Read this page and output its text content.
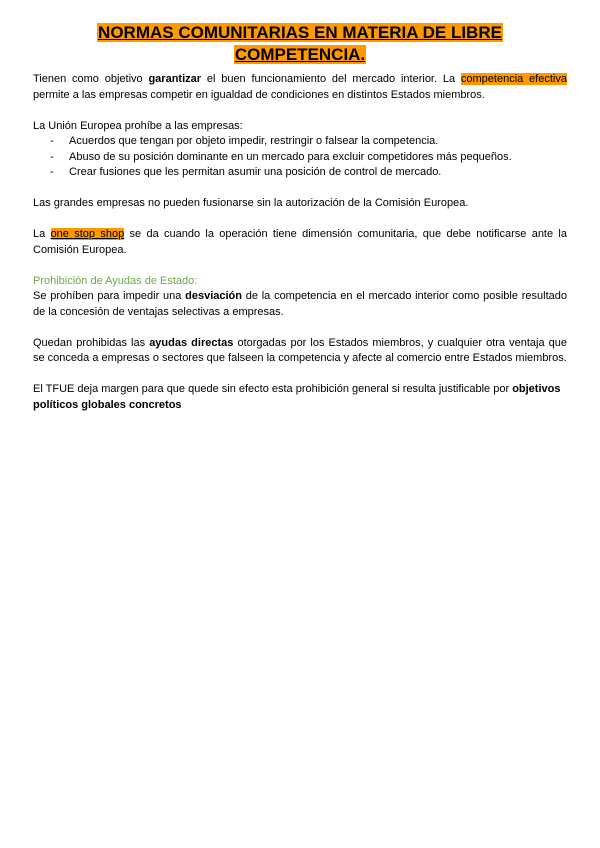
NORMAS COMUNITARIAS EN MATERIA DE LIBRE
COMPETENCIA.

Tienen como objetivo garantizar el buen funcionamiento del mercado interior. La competencia efectiva permite a las empresas competir en igualdad de condiciones en distintos Estados miembros.

La Unión Europea prohíbe a las empresas:

- Acuerdos que tengan por objeto impedir, restringir o falsear la competencia.
- Abuso de su posición dominante en un mercado para excluir competidores más pequeños.
- Crear fusiones que les permitan asumir una posición de control de mercado.

Las grandes empresas no pueden fusionarse sin la autorización de la Comisión Europea.

La one stop shop se da cuando la operación tiene dimensión comunitaria, que debe notificarse ante la Comisión Europea.

Prohibición de Ayudas de Estado:

Se prohíben para impedir una desviación de la competencia en el mercado interior como posible resultado de la concesión de ventajas selectivas a empresas.

Quedan prohibidas las ayudas directas otorgadas por los Estados miembros, y cualquier otra ventaja que se conceda a empresas o sectores que falseen la competencia y afecte al comercio entre Estados miembros.

El TFUE deja margen para que quede sin efecto esta prohibición general si resulta justificable por objetivos políticos globales concretos
